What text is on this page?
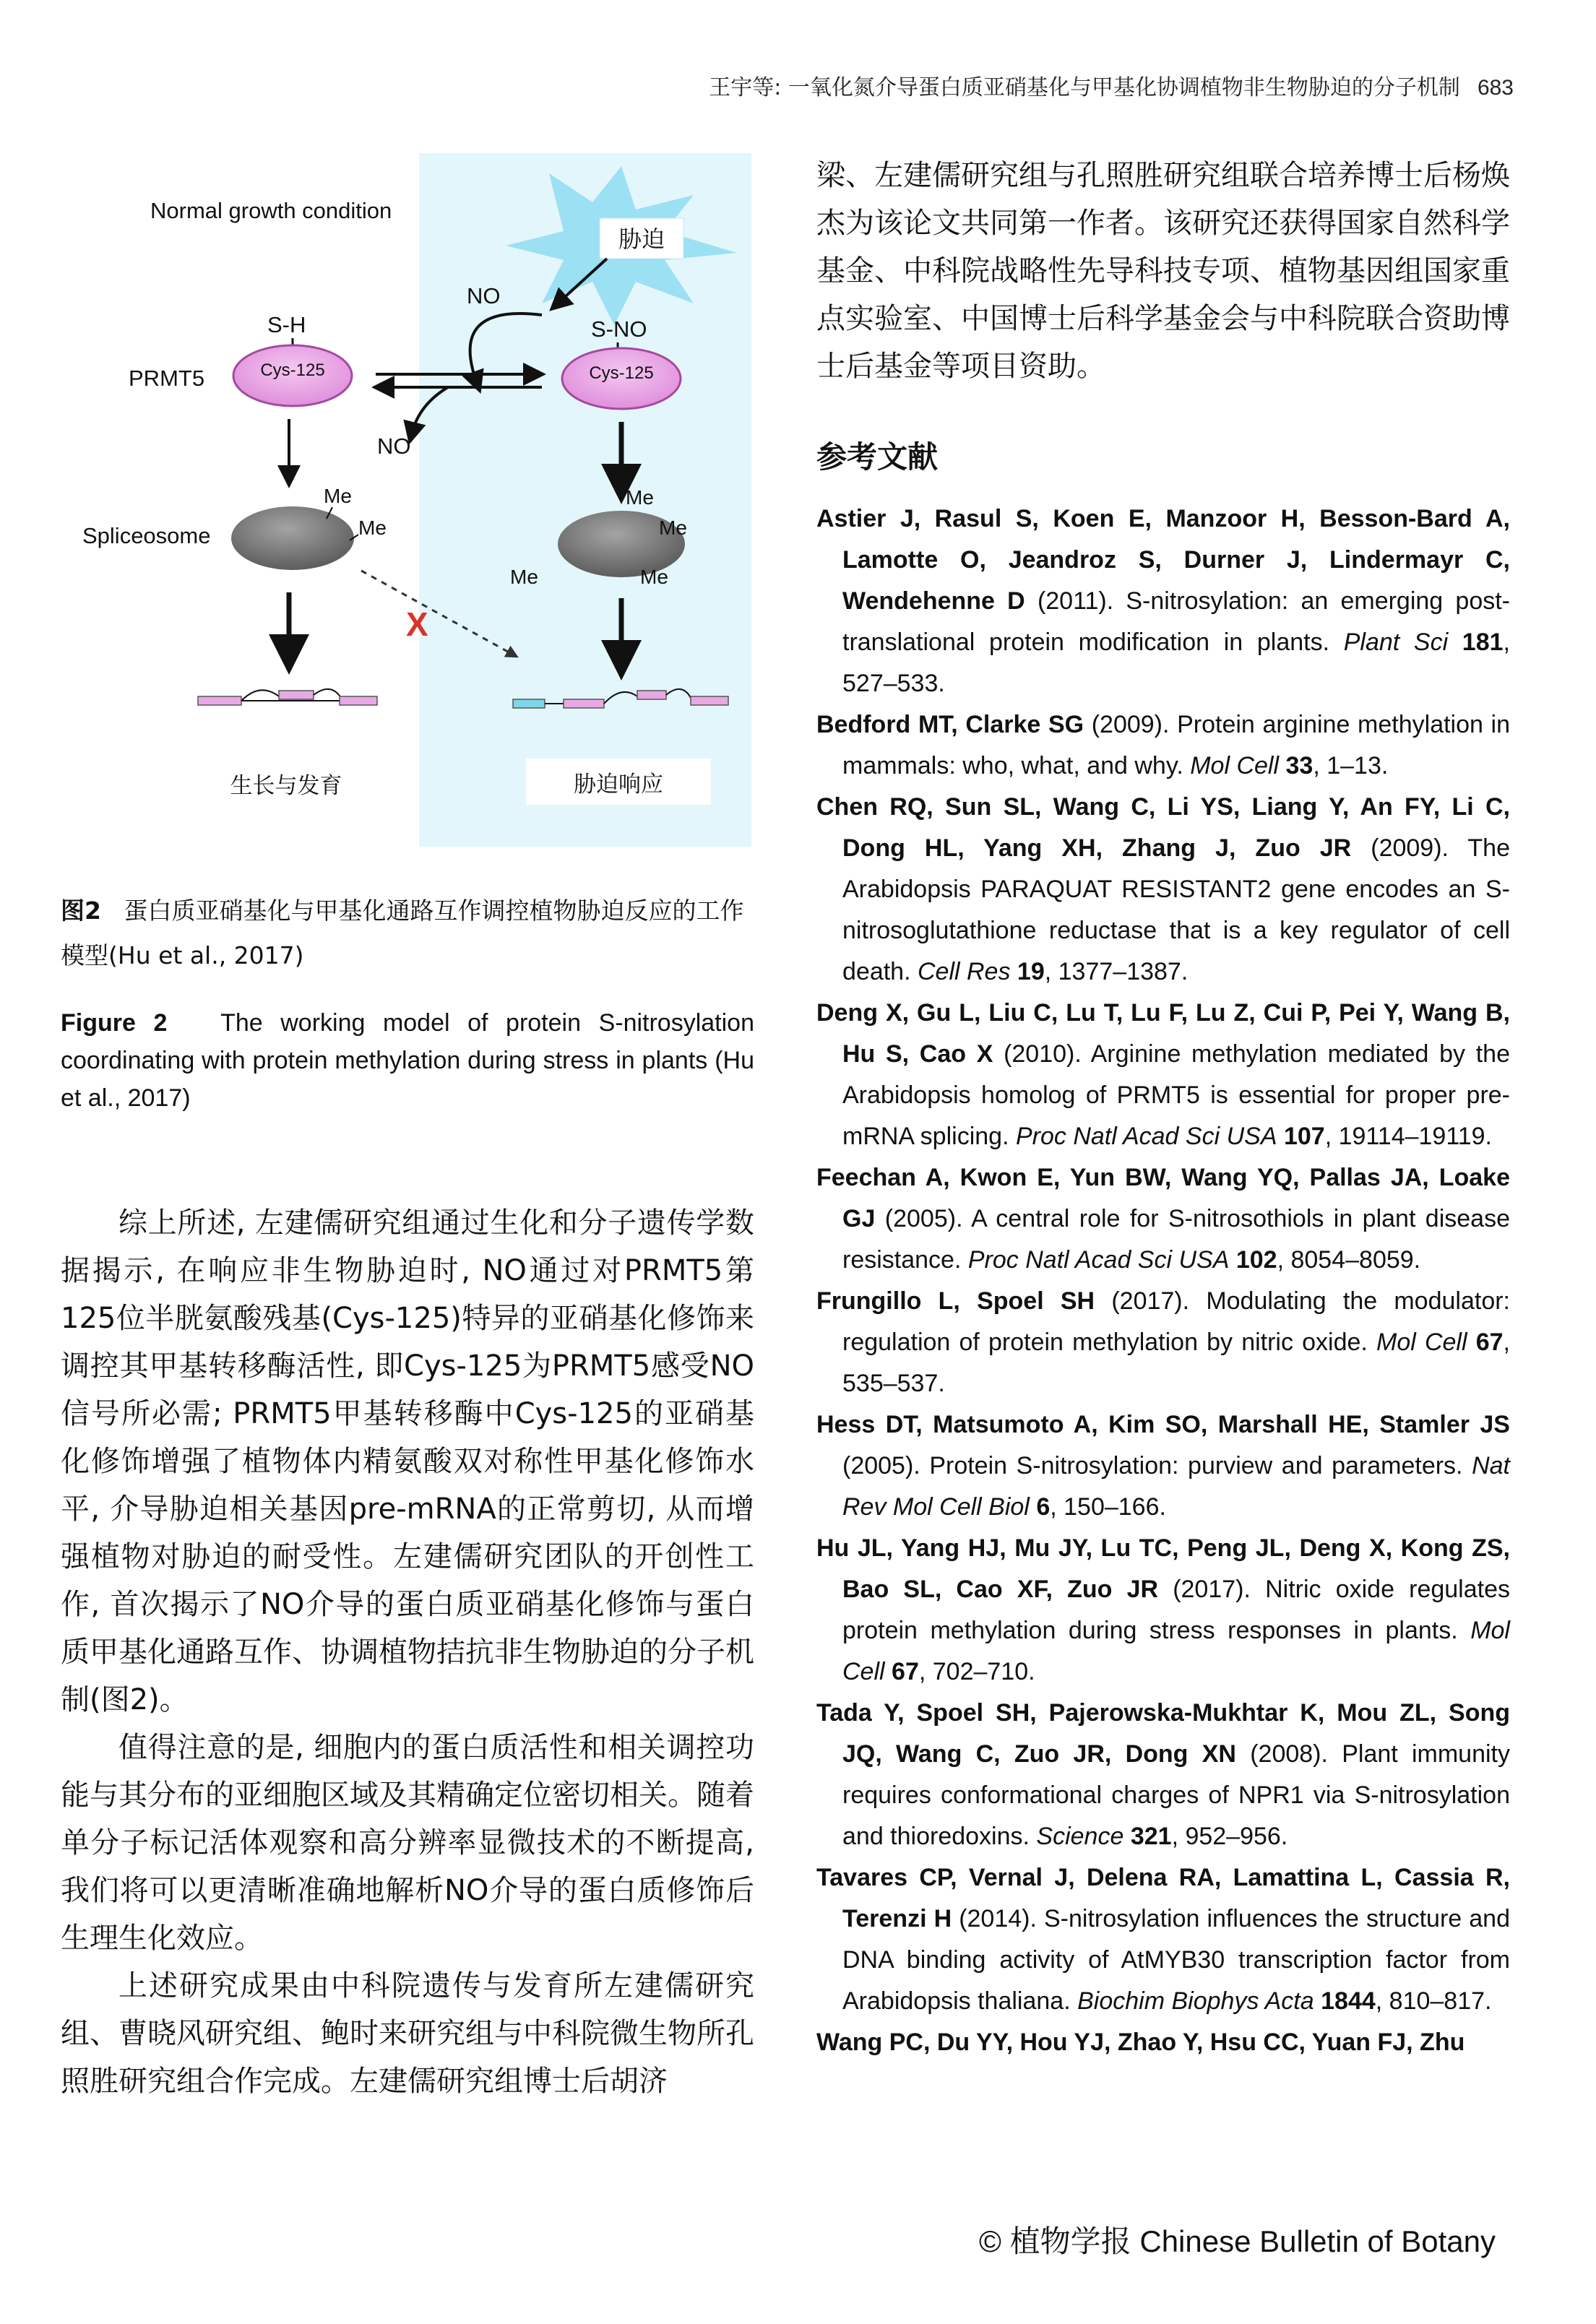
王宇等: 一氧化氮介导蛋白质亚硝基化与甲基化协调植物非生物胁迫的分子机制 683
胁迫
Normal growth condition
NO
S-H	S-NO
PRMT5	Cys-125	Cys-125
NO
Spliceosome
Me
Me
Me
Me
Me	Me
X
生长与发育	胁迫响应
图2 蛋白质亚硝基化与甲基化通路互作调控植物胁迫反应的工作模型(Hu et al., 2017)
Figure 2 The working model of protein S-nitrosylation coordinating with protein methylation during stress in plants (Hu et al., 2017)

综上所述, 左建儒研究组通过生化和分子遗传学数据揭示, 在响应非生物胁迫时, NO通过对PRMT5第125位半胱氨酸残基(Cys-125)特异的亚硝基化修饰来调控其甲基转移酶活性, 即Cys-125为PRMT5感受NO信号所必需; PRMT5甲基转移酶中Cys-125的亚硝基化修饰增强了植物体内精氨酸双对称性甲基化修饰水平, 介导胁迫相关基因pre-mRNA的正常剪切, 从而增强植物对胁迫的耐受性。左建儒研究团队的开创性工作, 首次揭示了NO介导的蛋白质亚硝基化修饰与蛋白质甲基化通路互作、协调植物拮抗非生物胁迫的分子机制(图2)。

值得注意的是, 细胞内的蛋白质活性和相关调控功能与其分布的亚细胞区域及其精确定位密切相关。随着单分子标记活体观察和高分辨率显微技术的不断提高, 我们将可以更清晰准确地解析NO介导的蛋白质修饰后生理生化效应。

上述研究成果由中科院遗传与发育所左建儒研究组、曹晓风研究组、鲍时来研究组与中科院微生物所孔照胜研究组合作完成。左建儒研究组博士后胡济

梁、左建儒研究组与孔照胜研究组联合培养博士后杨焕杰为该论文共同第一作者。该研究还获得国家自然科学基金、中科院战略性先导科技专项、植物基因组国家重点实验室、中国博士后科学基金会与中科院联合资助博士后基金等项目资助。

参考文献
Astier J, Rasul S, Koen E, Manzoor H, Besson-Bard A, Lamotte O, Jeandroz S, Durner J, Lindermayr C, Wendehenne D (2011). S-nitrosylation: an emerging post-translational protein modification in plants. Plant Sci 181, 527–533.
Bedford MT, Clarke SG (2009). Protein arginine methylation in mammals: who, what, and why. Mol Cell 33, 1–13.
Chen RQ, Sun SL, Wang C, Li YS, Liang Y, An FY, Li C, Dong HL, Yang XH, Zhang J, Zuo JR (2009). The Arabidopsis PARAQUAT RESISTANT2 gene encodes an S-nitrosoglutathione reductase that is a key regulator of cell death. Cell Res 19, 1377–1387.
Deng X, Gu L, Liu C, Lu T, Lu F, Lu Z, Cui P, Pei Y, Wang B, Hu S, Cao X (2010). Arginine methylation mediated by the Arabidopsis homolog of PRMT5 is essential for proper pre-mRNA splicing. Proc Natl Acad Sci USA 107, 19114–19119.
Feechan A, Kwon E, Yun BW, Wang YQ, Pallas JA, Loake GJ (2005). A central role for S-nitrosothiols in plant disease resistance. Proc Natl Acad Sci USA 102, 8054–8059.
Frungillo L, Spoel SH (2017). Modulating the modulator: regulation of protein methylation by nitric oxide. Mol Cell 67, 535–537.
Hess DT, Matsumoto A, Kim SO, Marshall HE, Stamler JS (2005). Protein S-nitrosylation: purview and parameters. Nat Rev Mol Cell Biol 6, 150–166.
Hu JL, Yang HJ, Mu JY, Lu TC, Peng JL, Deng X, Kong ZS, Bao SL, Cao XF, Zuo JR (2017). Nitric oxide regulates protein methylation during stress responses in plants. Mol Cell 67, 702–710.
Tada Y, Spoel SH, Pajerowska-Mukhtar K, Mou ZL, Song JQ, Wang C, Zuo JR, Dong XN (2008). Plant immunity requires conformational charges of NPR1 via S-nitrosylation and thioredoxins. Science 321, 952–956.
Tavares CP, Vernal J, Delena RA, Lamattina L, Cassia R, Terenzi H (2014). S-nitrosylation influences the structure and DNA binding activity of AtMYB30 transcription factor from Arabidopsis thaliana. Biochim Biophys Acta 1844, 810–817.
Wang PC, Du YY, Hou YJ, Zhao Y, Hsu CC, Yuan FJ, Zhu
© 植物学报 Chinese Bulletin of Botany
